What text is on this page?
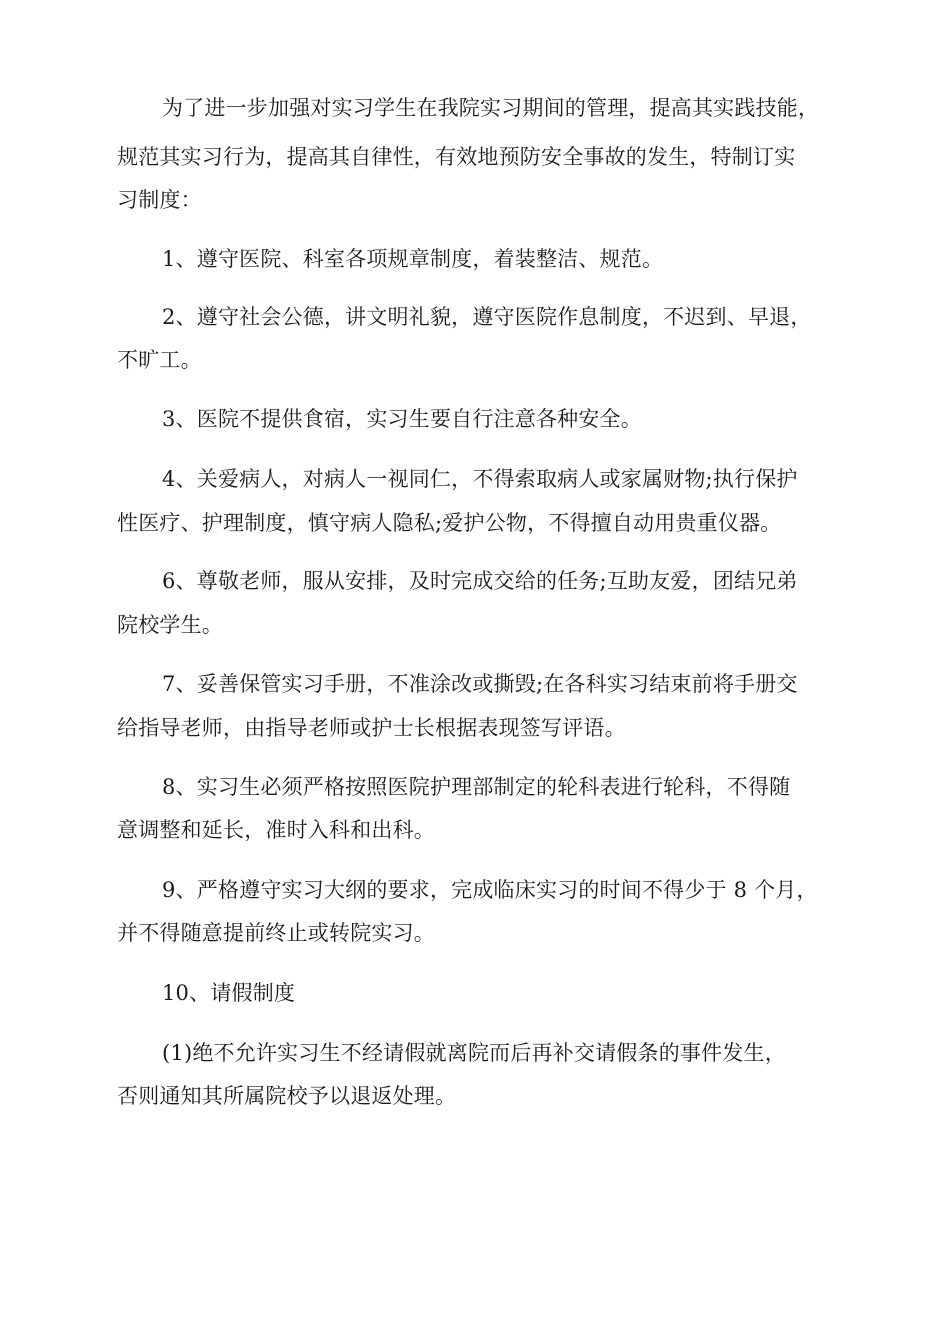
为了进一步加强对实习学生在我院实习期间的管理，提高其实践技能，
规范其实习行为，提高其自律性，有效地预防安全事故的发生，特制订实
习制度：
1、遵守医院、科室各项规章制度，着装整洁、规范。
2、遵守社会公德，讲文明礼貌，遵守医院作息制度，不迟到、早退，
不旷工。
3、医院不提供食宿，实习生要自行注意各种安全。
4、关爱病人，对病人一视同仁，不得索取病人或家属财物;执行保护
性医疗、护理制度，慎守病人隐私;爱护公物，不得擅自动用贵重仪器。
6、尊敬老师，服从安排，及时完成交给的任务;互助友爱，团结兄弟
院校学生。
7、妥善保管实习手册，不准涂改或撕毁;在各科实习结束前将手册交
给指导老师，由指导老师或护士长根据表现签写评语。
8、实习生必须严格按照医院护理部制定的轮科表进行轮科，不得随
意调整和延长，准时入科和出科。
9、严格遵守实习大纲的要求，完成临床实习的时间不得少于 8 个月，
并不得随意提前终止或转院实习。
10、请假制度
(1)绝不允许实习生不经请假就离院而后再补交请假条的事件发生，
否则通知其所属院校予以退返处理。
